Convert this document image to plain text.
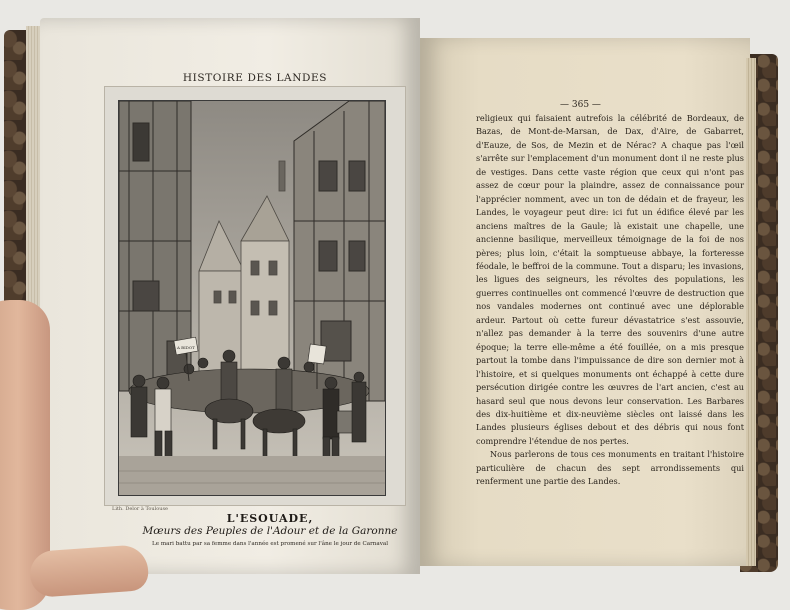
HISTOIRE DES LANDES
A BIDOT
Lith. Delor à Toulouse
L'ESOUADE,
Mœurs des Peuples de l'Adour et de la Garonne
Le mari battu par sa femme dans l'année est promené sur l'âne le jour de Carnaval
— 365 —

religieux qui faisaient autrefois la célébrité de Bordeaux, de Bazas, de Mont-de-Marsan, de Dax, d'Aire, de Gabarret, d'Eauze, de Sos, de Mezin et de Nérac? A chaque pas l'œil s'arrête sur l'emplacement d'un monument dont il ne reste plus de vestiges. Dans cette vaste région que ceux qui n'ont pas assez de cœur pour la plaindre, assez de connaissance pour l'apprécier nomment, avec un ton de dédain et de frayeur, les Landes, le voyageur peut dire: ici fut un édifice élevé par les anciens maîtres de la Gaule; là existait une chapelle, une ancienne basilique, merveilleux témoignage de la foi de nos pères; plus loin, c'était la somptueuse abbaye, la forteresse féodale, le beffroi de la commune. Tout a disparu; les invasions, les ligues des seigneurs, les révoltes des populations, les guerres continuelles ont commencé l'œuvre de destruction que nos vandales modernes ont continué avec une déplorable ardeur. Partout où cette fureur dévastatrice s'est assouvie, n'allez pas demander à la terre des souvenirs d'une autre époque; la terre elle-même a été fouillée, on a mis presque partout la tombe dans l'impuissance de dire son dernier mot à l'histoire, et si quelques monuments ont échappé à cette dure persécution dirigée contre les œuvres de l'art ancien, c'est au hasard seul que nous devons leur conservation. Les Barbares des dix-huitième et dix-neuvième siècles ont laissé dans les Landes plusieurs églises debout et des débris qui nous font comprendre l'étendue de nos pertes.

Nous parlerons de tous ces monuments en traitant l'histoire particulière de chacun des sept arrondissements qui renferment une partie des Landes.
